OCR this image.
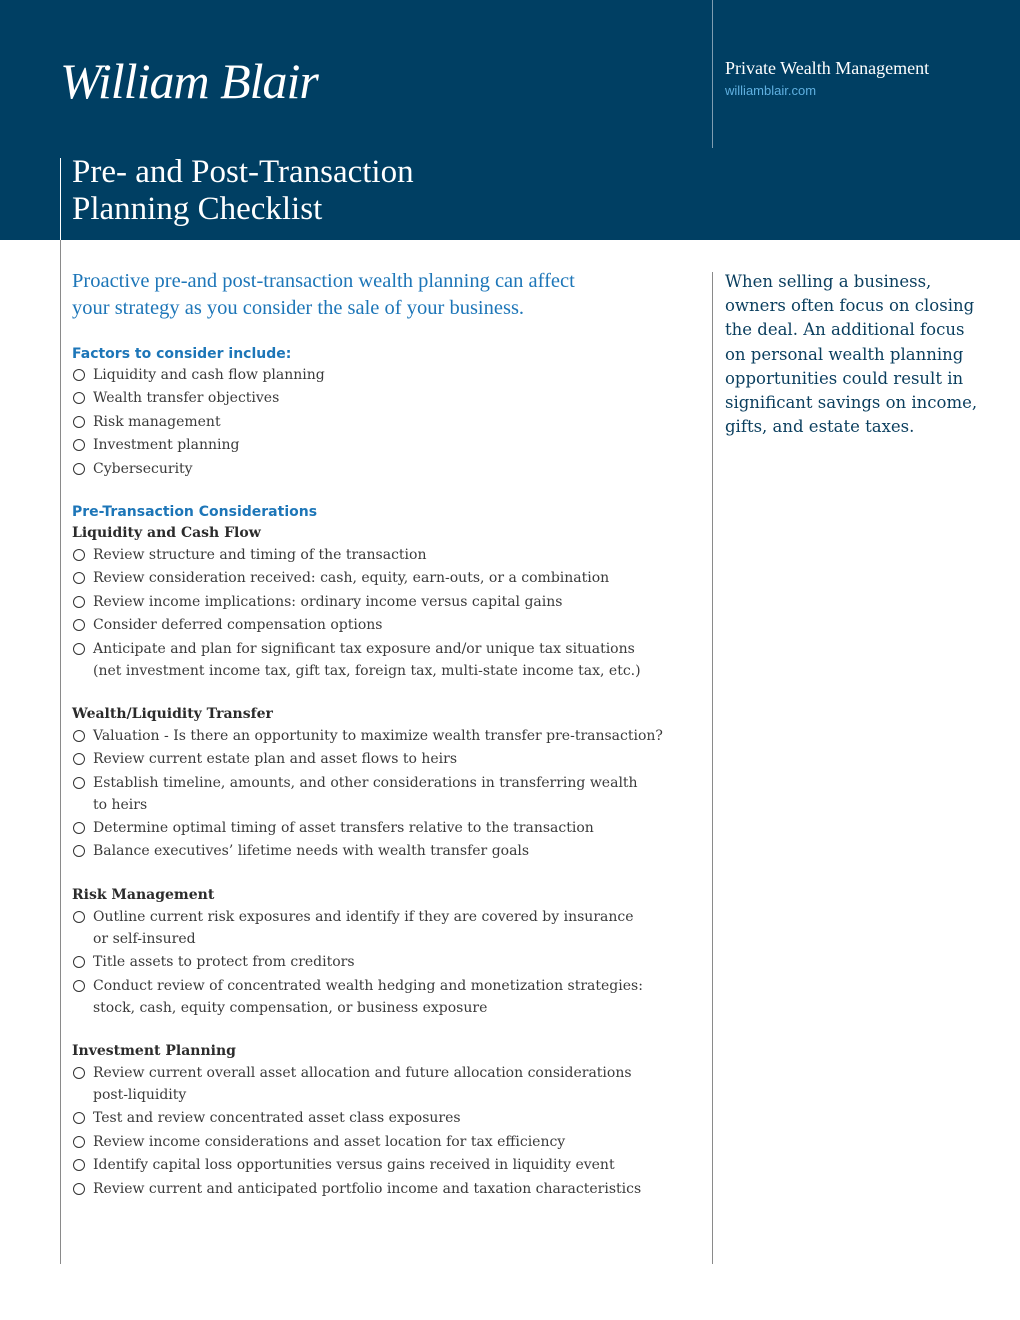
William Blair	Private Wealth Management
williamblair.com
Pre- and Post-Transaction
Planning Checklist

Proactive pre-and post-transaction wealth planning can affect
your strategy as you consider the sale of your business.

Factors to consider include:
Liquidity and cash flow planning
Wealth transfer objectives
Risk management
Investment planning
Cybersecurity
Pre-Transaction Considerations
Liquidity and Cash Flow
Review structure and timing of the transaction
Review consideration received: cash, equity, earn-outs, or a combination
Review income implications: ordinary income versus capital gains
Consider deferred compensation options
Anticipate and plan for significant tax exposure and/or unique tax situations
(net investment income tax, gift tax, foreign tax, multi-state income tax, etc.)
Wealth/Liquidity Transfer
Valuation - Is there an opportunity to maximize wealth transfer pre-transaction?
Review current estate plan and asset flows to heirs
Establish timeline, amounts, and other considerations in transferring wealth
to heirs
Determine optimal timing of asset transfers relative to the transaction
Balance executives’ lifetime needs with wealth transfer goals
Risk Management
Outline current risk exposures and identify if they are covered by insurance
or self-insured
Title assets to protect from creditors
Conduct review of concentrated wealth hedging and monetization strategies:
stock, cash, equity compensation, or business exposure
Investment Planning
Review current overall asset allocation and future allocation considerations
post-liquidity
Test and review concentrated asset class exposures
Review income considerations and asset location for tax efficiency
Identify capital loss opportunities versus gains received in liquidity event
Review current and anticipated portfolio income and taxation characteristics
When selling a business,
owners often focus on closing
the deal. An additional focus
on personal wealth planning
opportunities could result in
significant savings on income,
gifts, and estate taxes.
